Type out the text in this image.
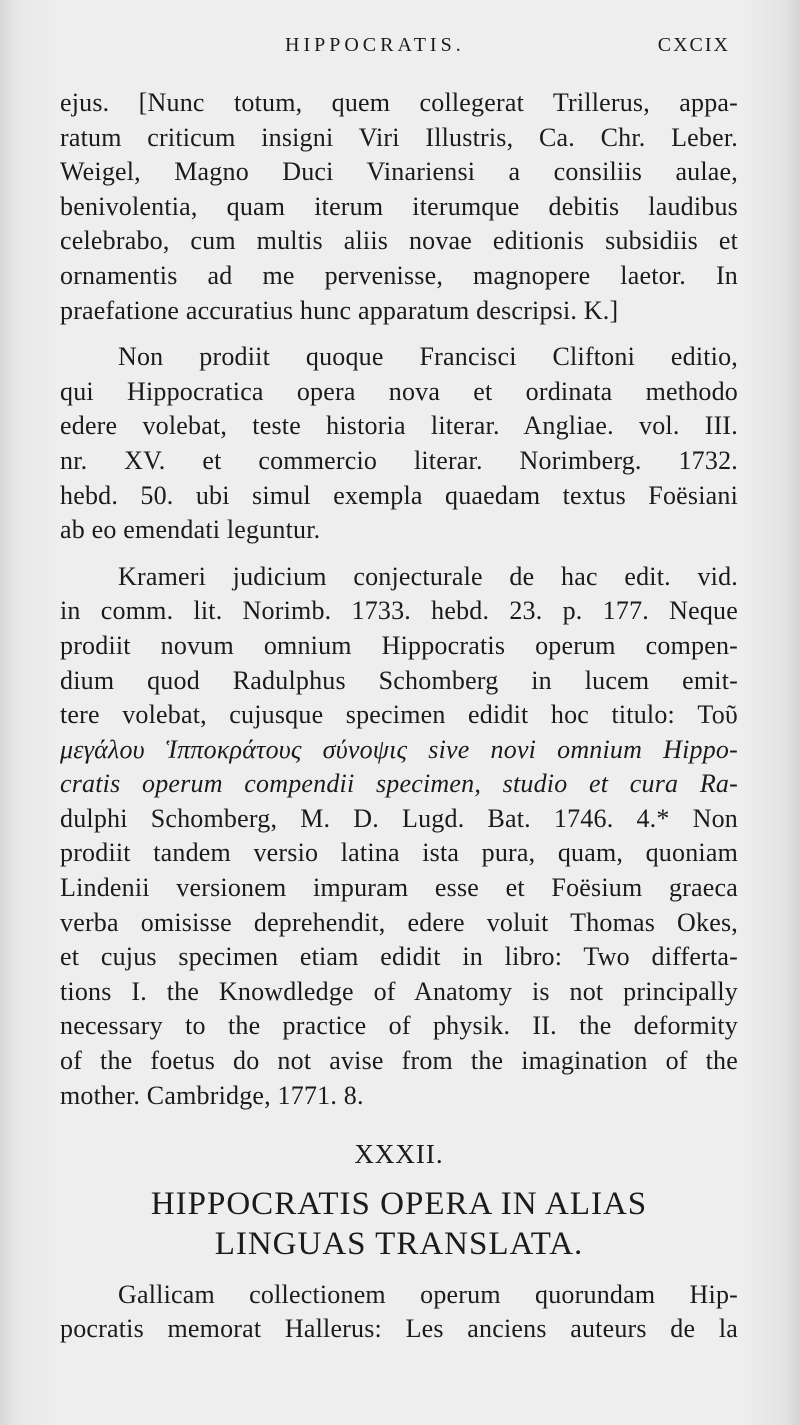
HIPPOCRATIS.	CXCIX
ejus. [Nunc totum, quem collegerat Trillerus, appa-
ratum criticum insigni Viri Illustris, Ca. Chr. Leber.
Weigel, Magno Duci Vinariensi a consiliis aulae,
benivolentia, quam iterum iterumque debitis laudibus
celebrabo, cum multis aliis novae editionis subsidiis et
ornamentis ad me pervenisse, magnopere laetor. In
praefatione accuratius hunc apparatum descripsi. K.]
Non prodiit quoque Francisci Cliftoni editio,
qui Hippocratica opera nova et ordinata methodo
edere volebat, teste historia literar. Angliae. vol. III.
nr. XV. et commercio literar. Norimberg. 1732.
hebd. 50. ubi simul exempla quaedam textus Foësiani
ab eo emendati leguntur.
Krameri judicium conjecturale de hac edit. vid.
in comm. lit. Norimb. 1733. hebd. 23. p. 177. Neque
prodiit novum omnium Hippocratis operum compen-
dium quod Radulphus Schomberg in lucem emit-
tere volebat, cujusque specimen edidit hoc titulo: Τοῦ
μεγάλου Ἱπποκράτους σύνοψις sive novi omnium Hippo-
cratis operum compendii specimen, studio et cura Ra-
dulphi Schomberg, M. D. Lugd. Bat. 1746. 4.* Non
prodiit tandem versio latina ista pura, quam, quoniam
Lindenii versionem impuram esse et Foësium graeca
verba omisisse deprehendit, edere voluit Thomas Okes,
et cujus specimen etiam edidit in libro: Two differta-
tions I. the Knowdledge of Anatomy is not principally
necessary to the practice of physik. II. the deformity
of the foetus do not avise from the imagination of the
mother. Cambridge, 1771. 8.
XXXII.
HIPPOCRATIS OPERA IN ALIAS
LINGUAS TRANSLATA.
Gallicam collectionem operum quorundam Hip-
pocratis memorat Hallerus: Les anciens auteurs de la
